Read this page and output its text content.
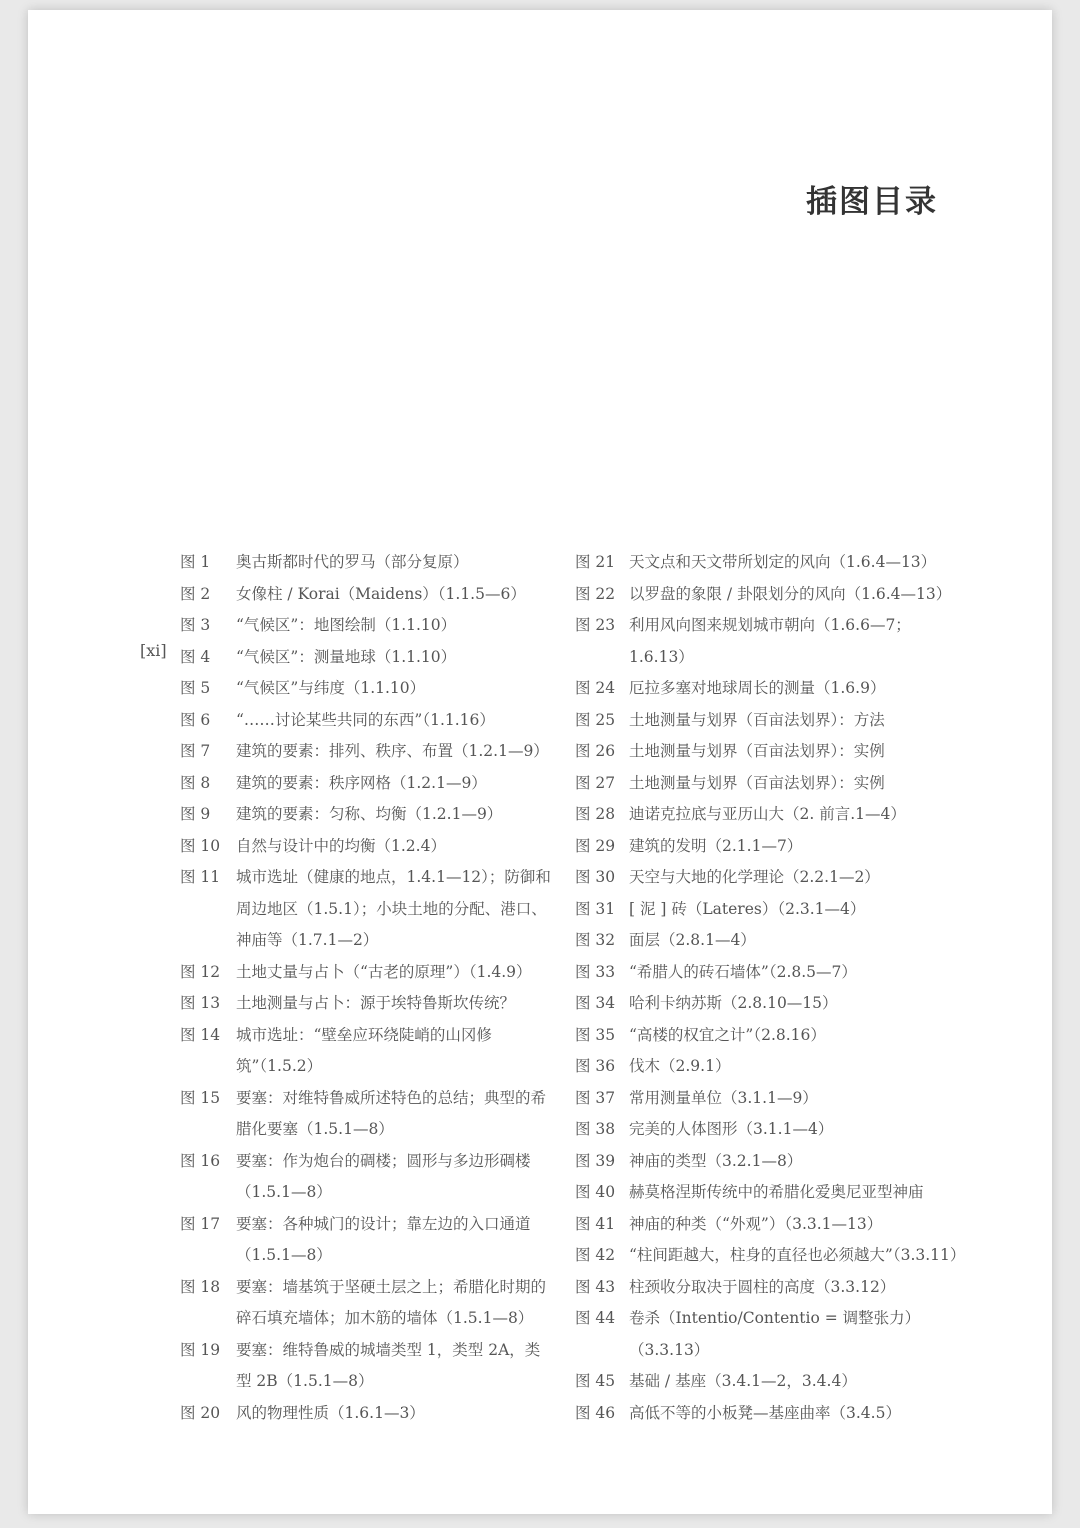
插图目录
[xi]
图 1	奥古斯都时代的罗马（部分复原）
图 2	女像柱 / Korai（Maidens）（1.1.5—6）
图 3	“气候区”：地图绘制（1.1.10）
图 4	“气候区”：测量地球（1.1.10）
图 5	“气候区”与纬度（1.1.10）
图 6	“……讨论某些共同的东西”（1.1.16）
图 7	建筑的要素：排列、秩序、布置（1.2.1—9）
图 8	建筑的要素：秩序网格（1.2.1—9）
图 9	建筑的要素：匀称、均衡（1.2.1—9）
图 10	自然与设计中的均衡（1.2.4）
图 11	城市选址（健康的地点，1.4.1—12）；防御和周边地区（1.5.1）；小块土地的分配、港口、神庙等（1.7.1—2）
图 12	土地丈量与占卜（“古老的原理”）（1.4.9）
图 13	土地测量与占卜：源于埃特鲁斯坎传统？
图 14	城市选址：“壁垒应环绕陡峭的山冈修筑”（1.5.2）
图 15	要塞：对维特鲁威所述特色的总结；典型的希腊化要塞（1.5.1—8）
图 16	要塞：作为炮台的碉楼；圆形与多边形碉楼（1.5.1—8）
图 17	要塞：各种城门的设计；靠左边的入口通道（1.5.1—8）
图 18	要塞：墙基筑于坚硬土层之上；希腊化时期的碎石填充墙体；加木筋的墙体（1.5.1—8）
图 19	要塞：维特鲁威的城墙类型 1，类型 2A，类型 2B（1.5.1—8）
图 20	风的物理性质（1.6.1—3）
图 21 天文点和天文带所划定的风向（1.6.4—13）
图 22 以罗盘的象限 / 卦限划分的风向（1.6.4—13）
图 23 利用风向图来规划城市朝向（1.6.6—7；1.6.13）
图 24 厄拉多塞对地球周长的测量（1.6.9）
图 25 土地测量与划界（百亩法划界）：方法
图 26 土地测量与划界（百亩法划界）：实例
图 27 土地测量与划界（百亩法划界）：实例
图 28 迪诺克拉底与亚历山大（2. 前言.1—4）
图 29 建筑的发明（2.1.1—7）
图 30 天空与大地的化学理论（2.2.1—2）
图 31 [ 泥 ] 砖（Lateres）（2.3.1—4）
图 32 面层（2.8.1—4）
图 33 “希腊人的砖石墙体”（2.8.5—7）
图 34 哈利卡纳苏斯（2.8.10—15）
图 35 “高楼的权宜之计”（2.8.16）
图 36 伐木（2.9.1）
图 37 常用测量单位（3.1.1—9）
图 38 完美的人体图形（3.1.1—4）
图 39 神庙的类型（3.2.1—8）
图 40 赫莫格涅斯传统中的希腊化爱奥尼亚型神庙
图 41 神庙的种类（“外观”）（3.3.1—13）
图 42 “柱间距越大，柱身的直径也必须越大”（3.3.11）
图 43 柱颈收分取决于圆柱的高度（3.3.12）
图 44 卷杀（Intentio/Contentio = 调整张力）（3.3.13）
图 45 基础 / 基座（3.4.1—2，3.4.4）
图 46 高低不等的小板凳—基座曲率（3.4.5）
